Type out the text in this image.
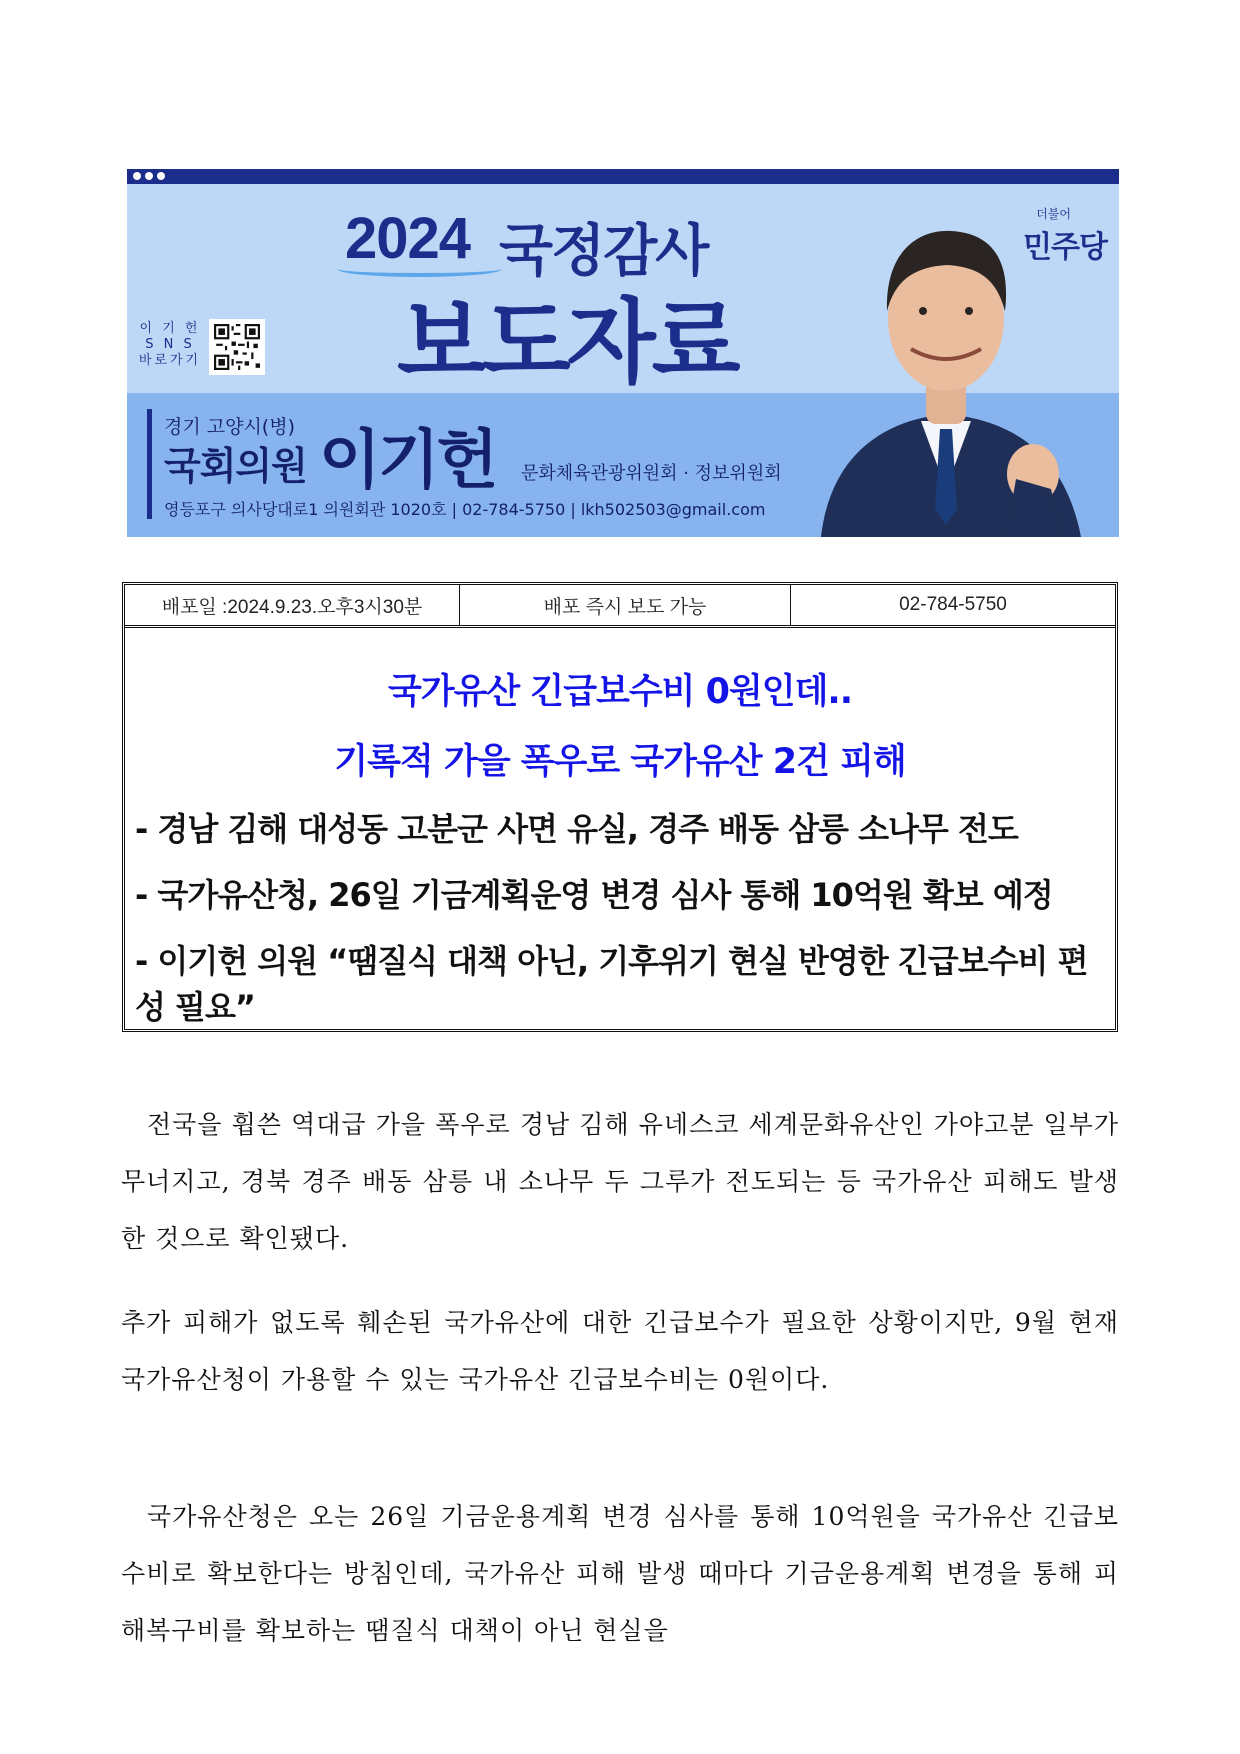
2024 국정감사
보도자료
이 기 헌
S N S
바로가기
경기 고양시(병)
국회의원 이기헌 문화체육관광위원회 · 정보위원회
영등포구 의사당대로1 의원회관 1020호 | 02-784-5750 | lkh502503@gmail.com
더불어
민주당
배포일 :2024.9.23.오후3시30분	배포 즉시 보도 가능	02-784-5750
국가유산 긴급보수비 0원인데..
기록적 가을 폭우로 국가유산 2건 피해
- 경남 김해 대성동 고분군 사면 유실, 경주 배동 삼릉 소나무 전도
- 국가유산청, 26일 기금계획운영 변경 심사 통해 10억원 확보 예정
- 이기헌 의원 “땜질식 대책 아닌, 기후위기 현실 반영한 긴급보수비 편성 필요”
전국을 휩쓴 역대급 가을 폭우로 경남 김해 유네스코 세계문화유산인 가야고분 일부가 무너지고, 경북 경주 배동 삼릉 내 소나무 두 그루가 전도되는 등 국가유산 피해도 발생한 것으로 확인됐다.
추가 피해가 없도록 훼손된 국가유산에 대한 긴급보수가 필요한 상황이지만, 9월 현재 국가유산청이 가용할 수 있는 국가유산 긴급보수비는 0원이다.
국가유산청은 오는 26일 기금운용계획 변경 심사를 통해 10억원을 국가유산 긴급보수비로 확보한다는 방침인데, 국가유산 피해 발생 때마다 기금운용계획 변경을 통해 피해복구비를 확보하는 땜질식 대책이 아닌 현실을
